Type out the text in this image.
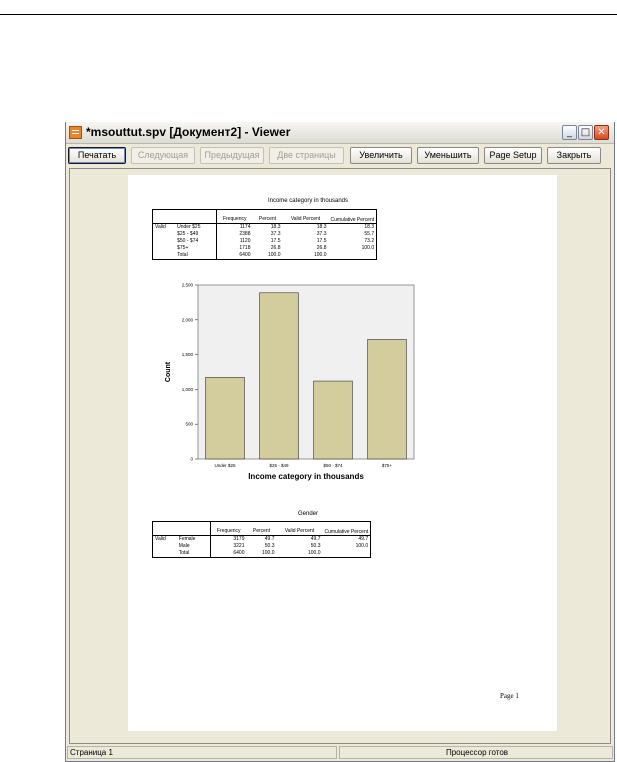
*msouttut.spv [Документ2] - Viewer	_ □ ✕
Печатать	Следующая	Предыдущая	Две страницы	Увеличить	Уменьшить	Page Setup	Закрыть
Income category in thousands
		Frequency	Percent	Valid Percent	Cumulative Percent
Valid	Under $25	1174	18.3	18.3	18.3
	$25 - $49	2388	37.3	37.3	55.7
	$50 - $74	1120	17.5	17.5	73.2
	$75+	1718	26.8	26.8	100.0
	Total	6400	100.0	100.0	
0
500
1,000
1,500
2,000
2,500
Under $25	$25 - $49	$50 - $74	$75+
Count
Income category in thousands
Gender
		Frequency	Percent	Valid Percent	Cumulative Percent
Valid	Female	3179	49.7	49.7	49.7
	Male	3221	50.3	50.3	100.0
	Total	6400	100.0	100.0	
Page 1
Страница 1	Процессор готов
